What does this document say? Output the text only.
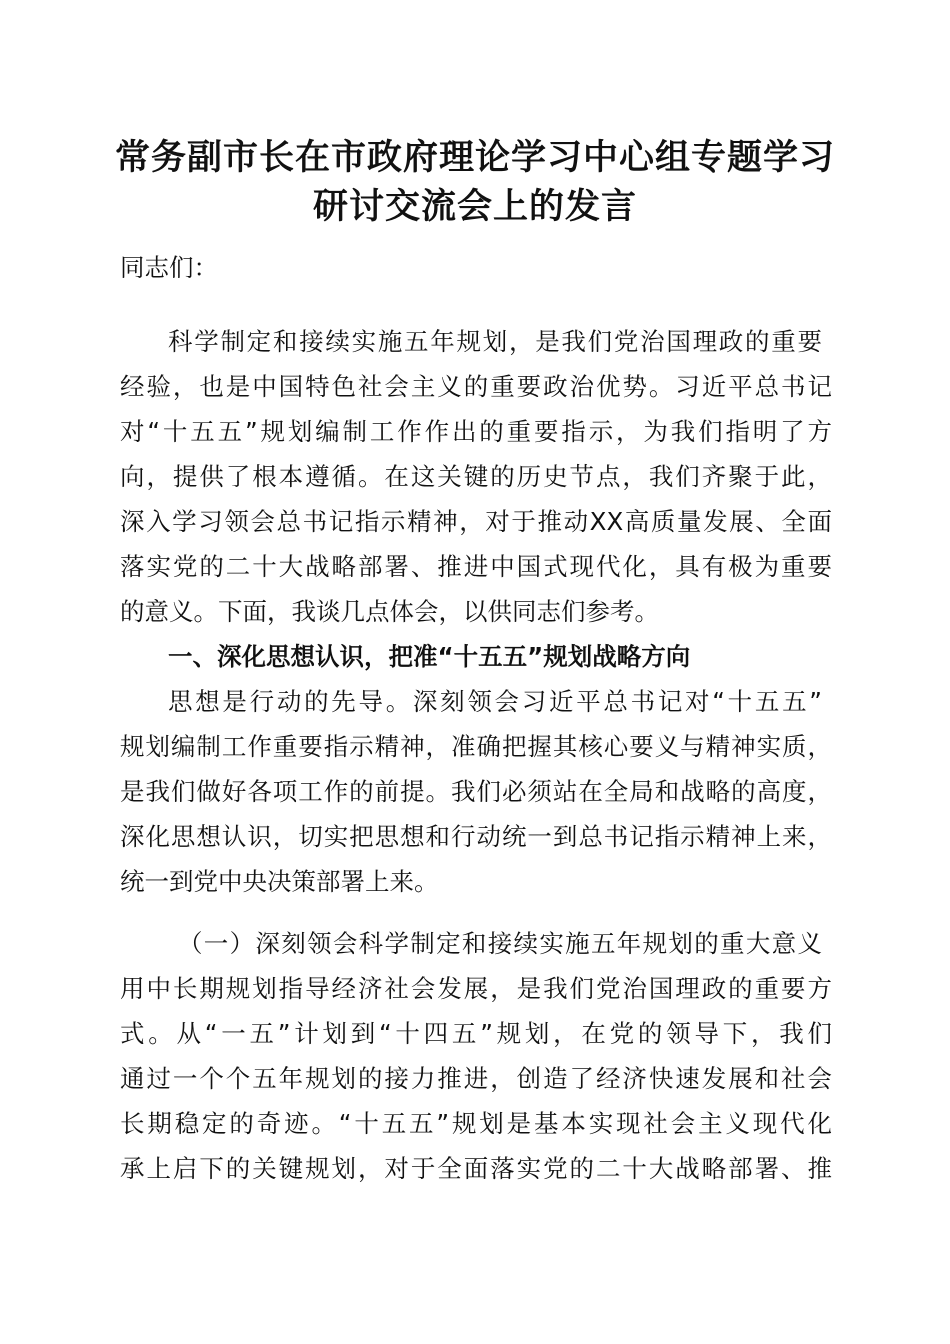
常务副市长在市政府理论学习中心组专题学习
研讨交流会上的发言

同志们：

科学制定和接续实施五年规划，是我们党治国理政的重要

经验，也是中国特色社会主义的重要政治优势。习近平总书记

对“十五五”规划编制工作作出的重要指示，为我们指明了方

向，提供了根本遵循。在这关键的历史节点，我们齐聚于此，

深入学习领会总书记指示精神，对于推动XX高质量发展、全面

落实党的二十大战略部署、推进中国式现代化，具有极为重要

的意义。下面，我谈几点体会，以供同志们参考。

一、深化思想认识，把准“十五五”规划战略方向

思想是行动的先导。深刻领会习近平总书记对“十五五”

规划编制工作重要指示精神，准确把握其核心要义与精神实质，

是我们做好各项工作的前提。我们必须站在全局和战略的高度，

深化思想认识，切实把思想和行动统一到总书记指示精神上来，

统一到党中央决策部署上来。

（一）深刻领会科学制定和接续实施五年规划的重大意义

用中长期规划指导经济社会发展，是我们党治国理政的重要方

式。从“一五”计划到“十四五”规划，在党的领导下，我们

通过一个个五年规划的接力推进，创造了经济快速发展和社会

长期稳定的奇迹。“十五五”规划是基本实现社会主义现代化

承上启下的关键规划，对于全面落实党的二十大战略部署、推
